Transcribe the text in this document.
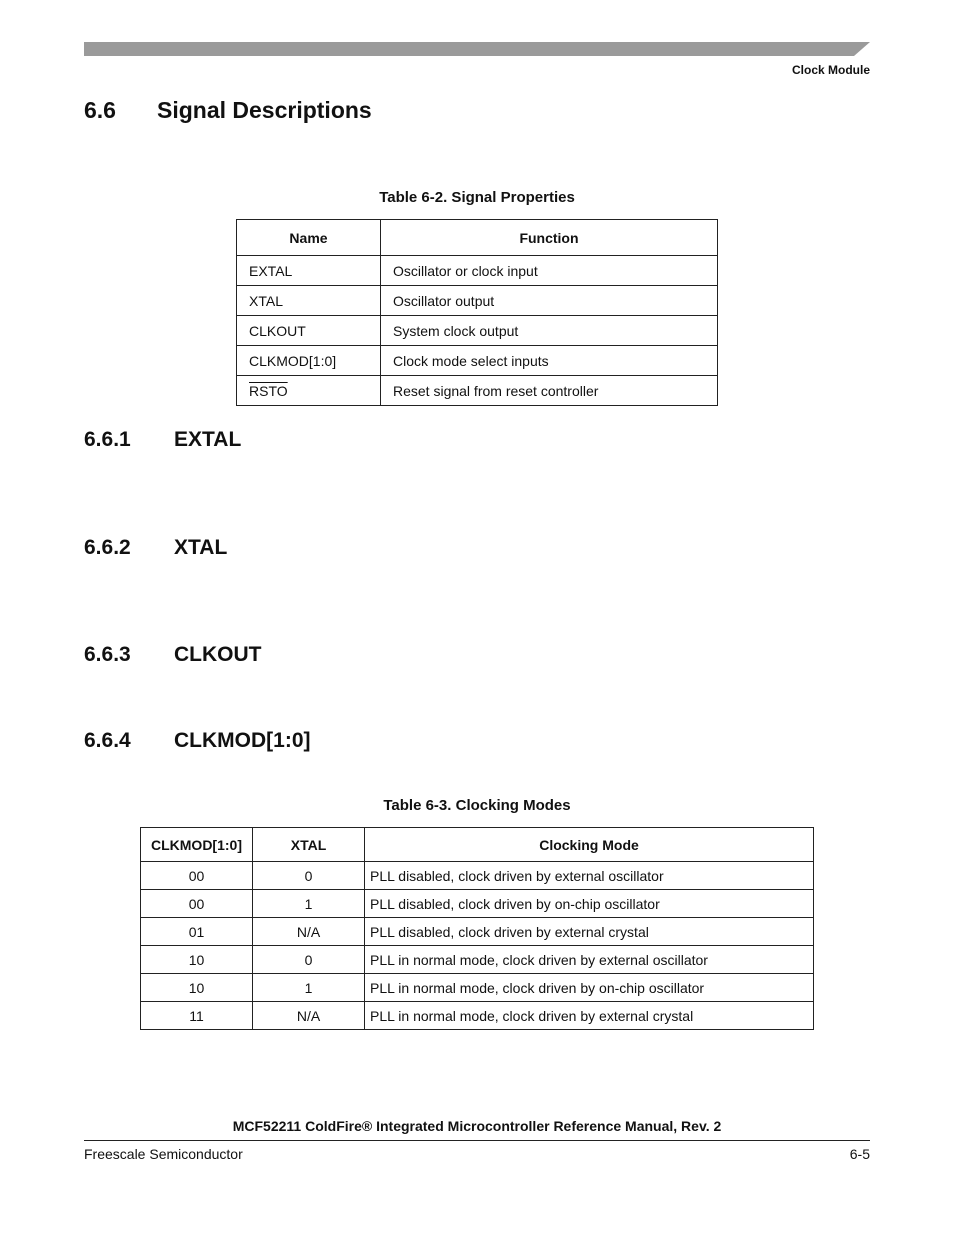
Clock Module
6.6 Signal Descriptions
Table 6-2. Signal Properties
Name	Function
EXTAL	Oscillator or clock input
XTAL	Oscillator output
CLKOUT	System clock output
CLKMOD[1:0]	Clock mode select inputs
RSTO	Reset signal from reset controller
6.6.1 EXTAL
6.6.2 XTAL
6.6.3 CLKOUT
6.6.4 CLKMOD[1:0]
Table 6-3. Clocking Modes
CLKMOD[1:0]	XTAL	Clocking Mode
00	0	PLL disabled, clock driven by external oscillator
00	1	PLL disabled, clock driven by on-chip oscillator
01	N/A	PLL disabled, clock driven by external crystal
10	0	PLL in normal mode, clock driven by external oscillator
10	1	PLL in normal mode, clock driven by on-chip oscillator
11	N/A	PLL in normal mode, clock driven by external crystal
MCF52211 ColdFire® Integrated Microcontroller Reference Manual, Rev. 2
Freescale Semiconductor	6-5
